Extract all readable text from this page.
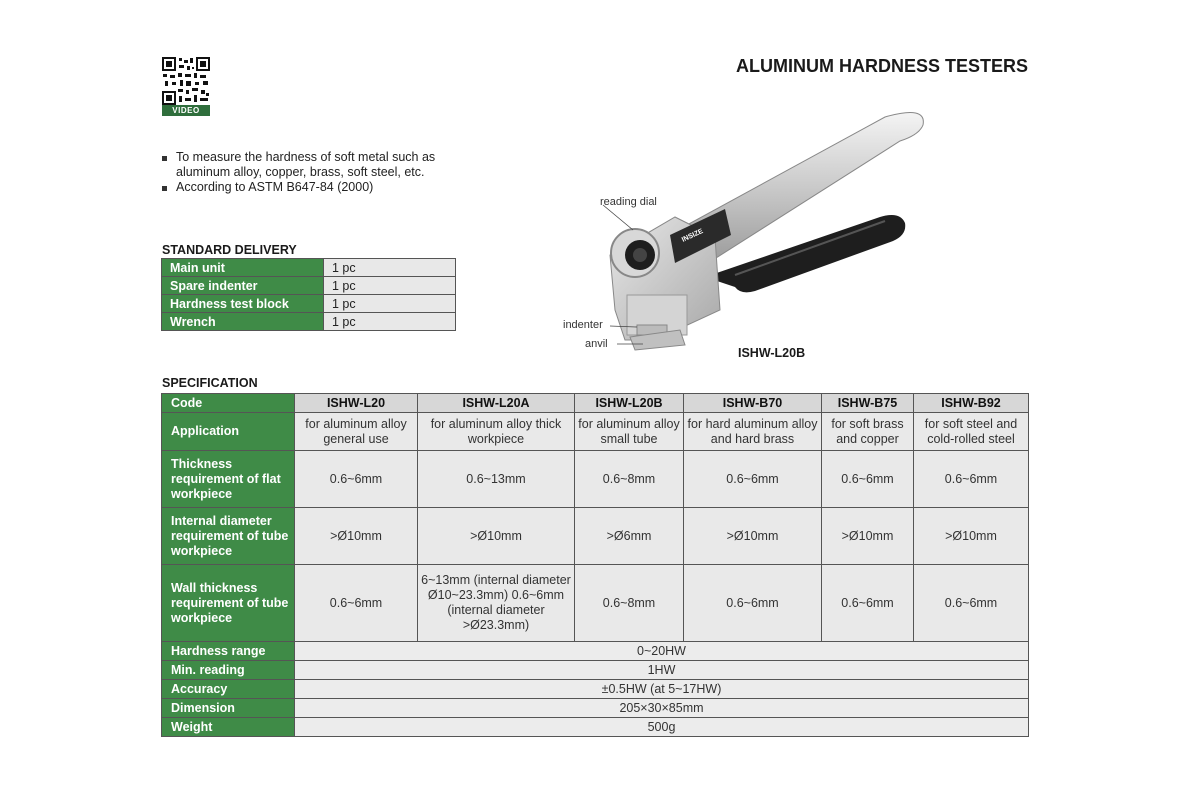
VIDEO
ALUMINUM HARDNESS TESTERS
To measure the hardness of soft metal such as aluminum alloy, copper, brass, soft steel, etc.
According to ASTM B647-84 (2000)
INSIZE
reading dial
indenter
anvil
ISHW-L20B
STANDARD DELIVERY
Main unit	1 pc
Spare indenter	1 pc
Hardness test block	1 pc
Wrench	1 pc
SPECIFICATION
Code	ISHW-L20	ISHW-L20A	ISHW-L20B	ISHW-B70	ISHW-B75	ISHW-B92
Application	for aluminum alloy general use	for aluminum alloy thick workpiece	for aluminum alloy small tube	for hard aluminum alloy and hard brass	for soft brass and copper	for soft steel and cold-rolled steel
Thickness requirement of flat workpiece	0.6~6mm	0.6~13mm	0.6~8mm	0.6~6mm	0.6~6mm	0.6~6mm
Internal diameter requirement of tube workpiece	>Ø10mm	>Ø10mm	>Ø6mm	>Ø10mm	>Ø10mm	>Ø10mm
Wall thickness requirement of tube workpiece	0.6~6mm	6~13mm (internal diameter Ø10~23.3mm) 0.6~6mm (internal diameter >Ø23.3mm)	0.6~8mm	0.6~6mm	0.6~6mm	0.6~6mm
Hardness range	0~20HW					
Min. reading	1HW					
Accuracy	±0.5HW (at 5~17HW)					
Dimension	205×30×85mm					
Weight	500g					
